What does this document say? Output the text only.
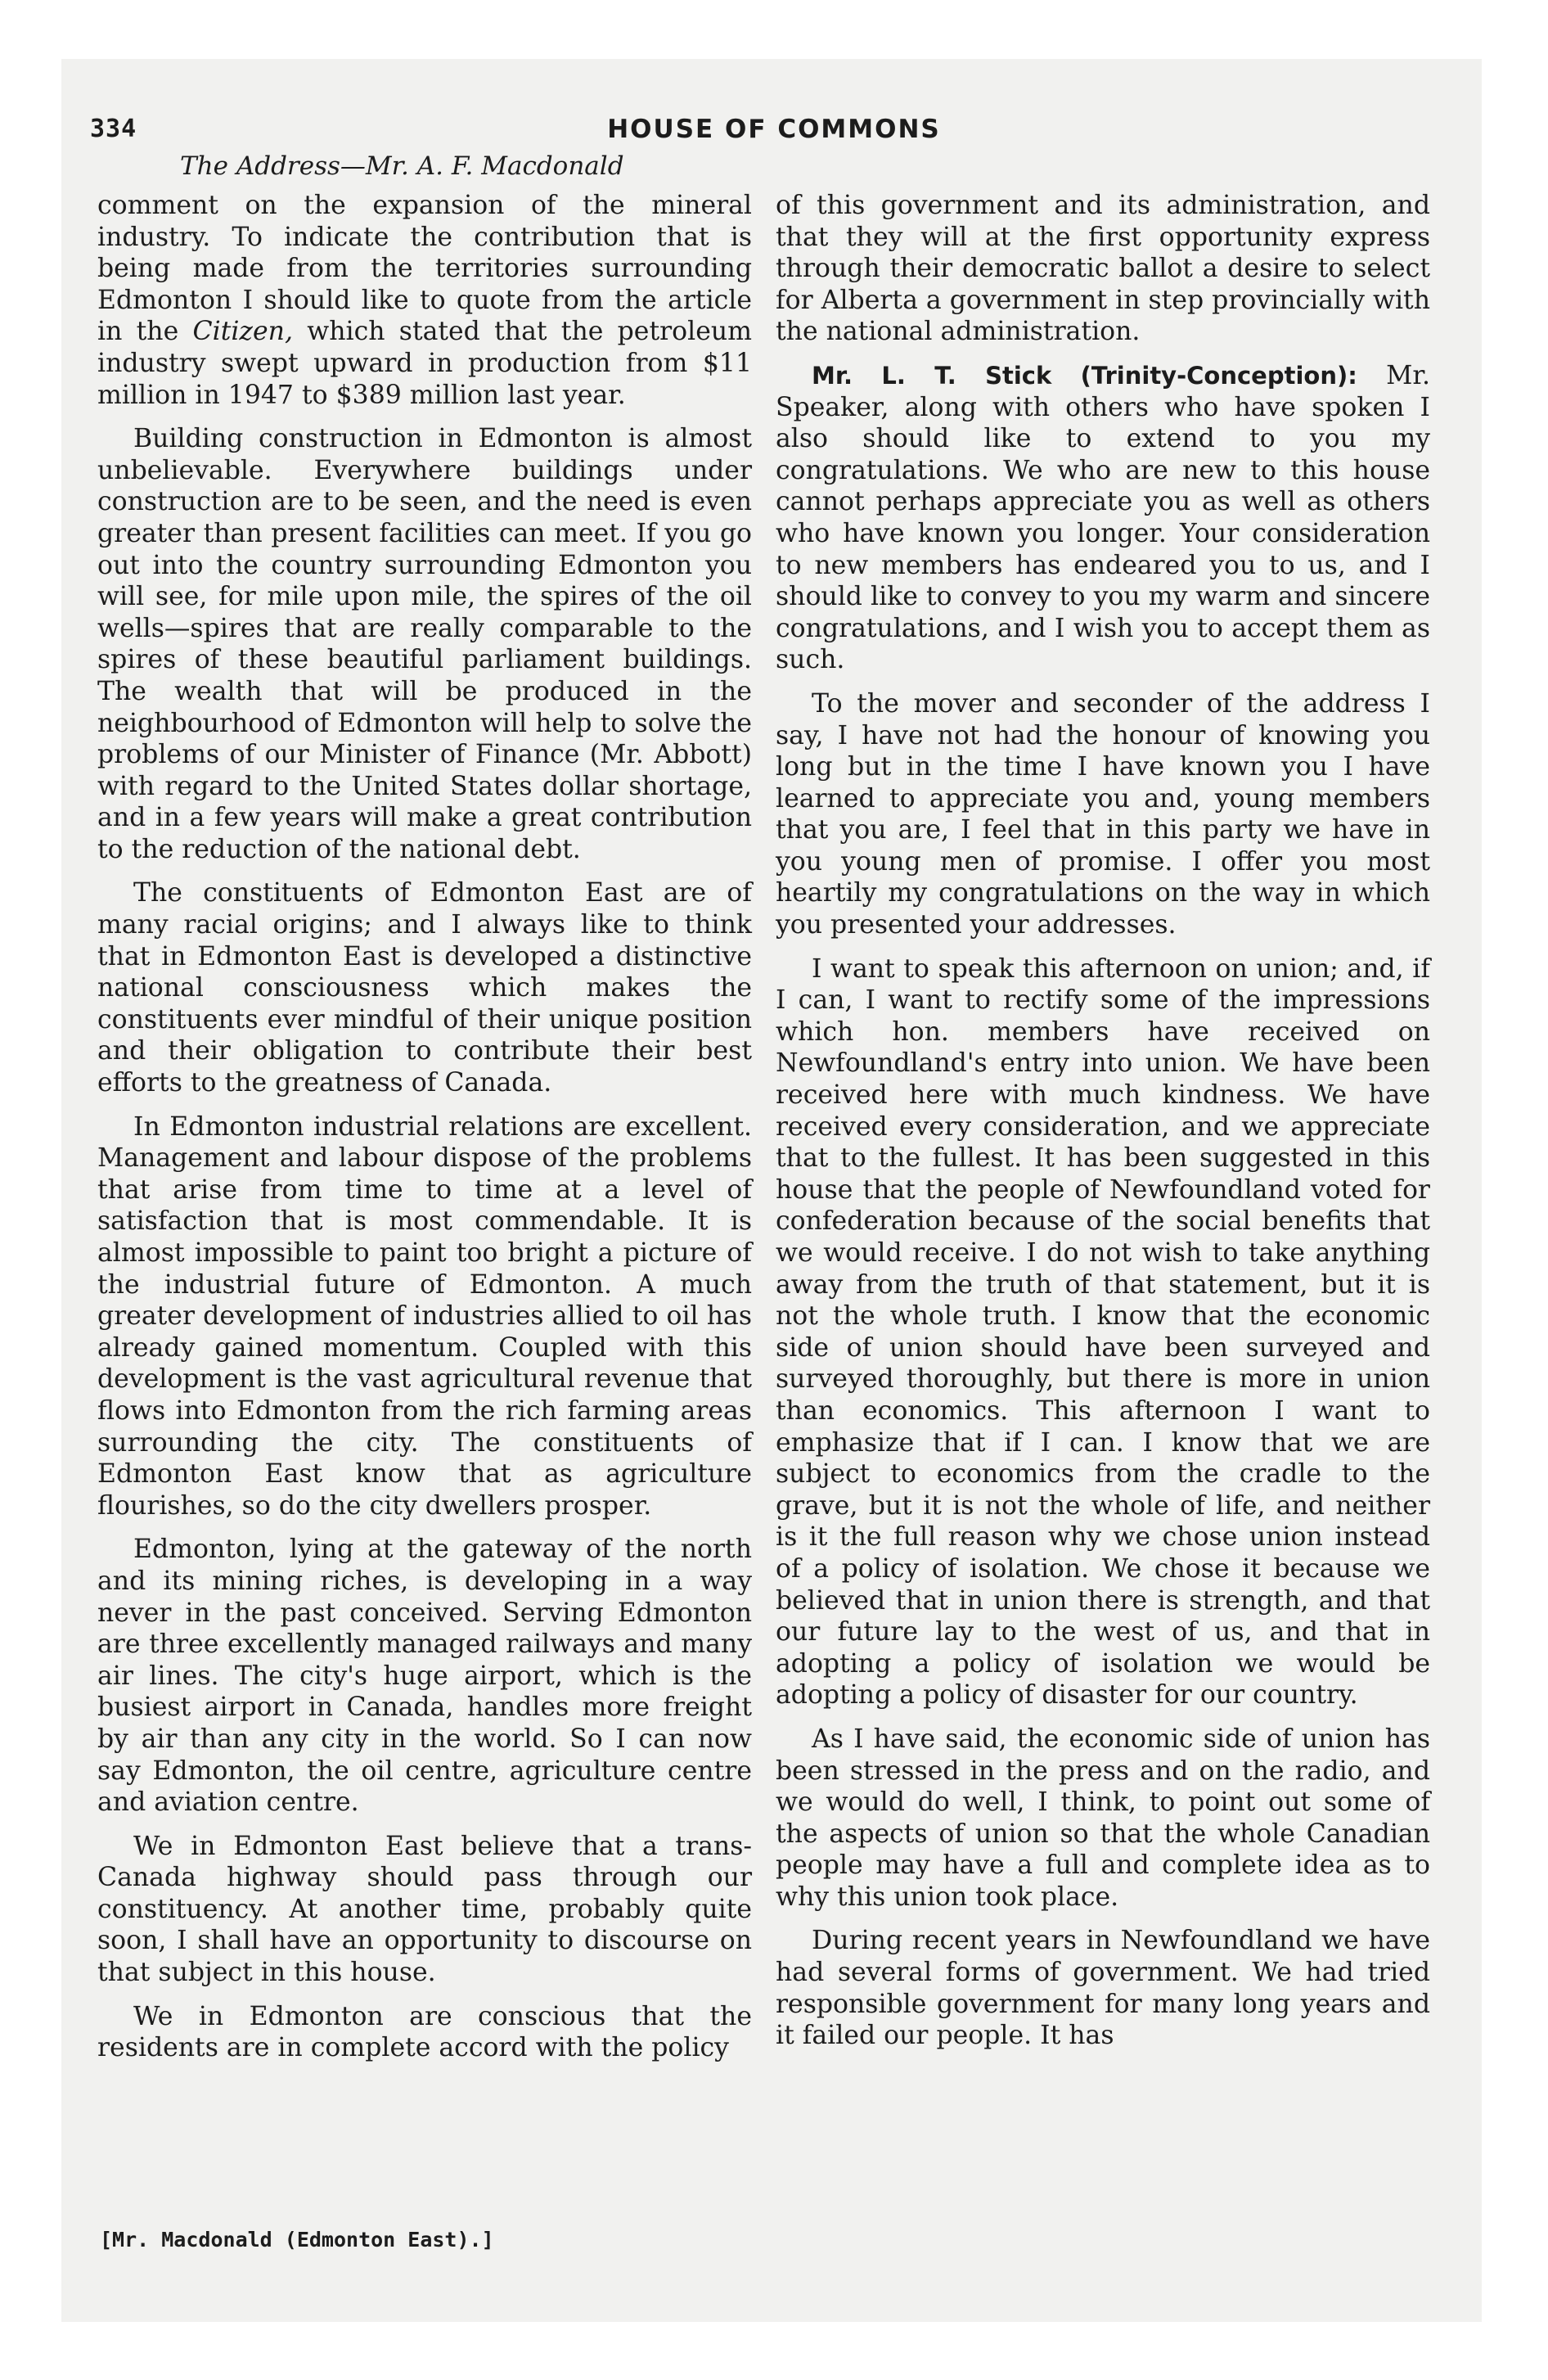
334	HOUSE OF COMMONS
The Address—Mr. A. F. Macdonald

comment on the expansion of the mineral industry. To indicate the contribution that is being made from the territories surrounding Edmonton I should like to quote from the article in the Citizen, which stated that the petroleum industry swept upward in production from $11 million in 1947 to $389 million last year.

Building construction in Edmonton is almost unbelievable. Everywhere buildings under construction are to be seen, and the need is even greater than present facilities can meet. If you go out into the country surrounding Edmonton you will see, for mile upon mile, the spires of the oil wells—spires that are really comparable to the spires of these beautiful parliament buildings. The wealth that will be produced in the neighbourhood of Edmonton will help to solve the problems of our Minister of Finance (Mr. Abbott) with regard to the United States dollar shortage, and in a few years will make a great contribution to the reduction of the national debt.

The constituents of Edmonton East are of many racial origins; and I always like to think that in Edmonton East is developed a distinctive national consciousness which makes the constituents ever mindful of their unique position and their obligation to contribute their best efforts to the greatness of Canada.

In Edmonton industrial relations are excellent. Management and labour dispose of the problems that arise from time to time at a level of satisfaction that is most commendable. It is almost impossible to paint too bright a picture of the industrial future of Edmonton. A much greater development of industries allied to oil has already gained momentum. Coupled with this development is the vast agricultural revenue that flows into Edmonton from the rich farming areas surrounding the city. The constituents of Edmonton East know that as agriculture flourishes, so do the city dwellers prosper.

Edmonton, lying at the gateway of the north and its mining riches, is developing in a way never in the past conceived. Serving Edmonton are three excellently managed railways and many air lines. The city's huge airport, which is the busiest airport in Canada, handles more freight by air than any city in the world. So I can now say Edmonton, the oil centre, agriculture centre and aviation centre.

We in Edmonton East believe that a trans-Canada highway should pass through our constituency. At another time, probably quite soon, I shall have an opportunity to discourse on that subject in this house.

We in Edmonton are conscious that the residents are in complete accord with the policy

of this government and its administration, and that they will at the first opportunity express through their democratic ballot a desire to select for Alberta a government in step provincially with the national administration.

Mr. L. T. Stick (Trinity-Conception): Mr. Speaker, along with others who have spoken I also should like to extend to you my congratulations. We who are new to this house cannot perhaps appreciate you as well as others who have known you longer. Your consideration to new members has endeared you to us, and I should like to convey to you my warm and sincere congratulations, and I wish you to accept them as such.

To the mover and seconder of the address I say, I have not had the honour of knowing you long but in the time I have known you I have learned to appreciate you and, young members that you are, I feel that in this party we have in you young men of promise. I offer you most heartily my congratulations on the way in which you presented your addresses.

I want to speak this afternoon on union; and, if I can, I want to rectify some of the impressions which hon. members have received on Newfoundland's entry into union. We have been received here with much kindness. We have received every consideration, and we appreciate that to the fullest. It has been suggested in this house that the people of Newfoundland voted for confederation because of the social benefits that we would receive. I do not wish to take anything away from the truth of that statement, but it is not the whole truth. I know that the economic side of union should have been surveyed and surveyed thoroughly, but there is more in union than economics. This afternoon I want to emphasize that if I can. I know that we are subject to economics from the cradle to the grave, but it is not the whole of life, and neither is it the full reason why we chose union instead of a policy of isolation. We chose it because we believed that in union there is strength, and that our future lay to the west of us, and that in adopting a policy of isolation we would be adopting a policy of disaster for our country.

As I have said, the economic side of union has been stressed in the press and on the radio, and we would do well, I think, to point out some of the aspects of union so that the whole Canadian people may have a full and complete idea as to why this union took place.

During recent years in Newfoundland we have had several forms of government. We had tried responsible government for many long years and it failed our people. It has

[Mr. Macdonald (Edmonton East).]
